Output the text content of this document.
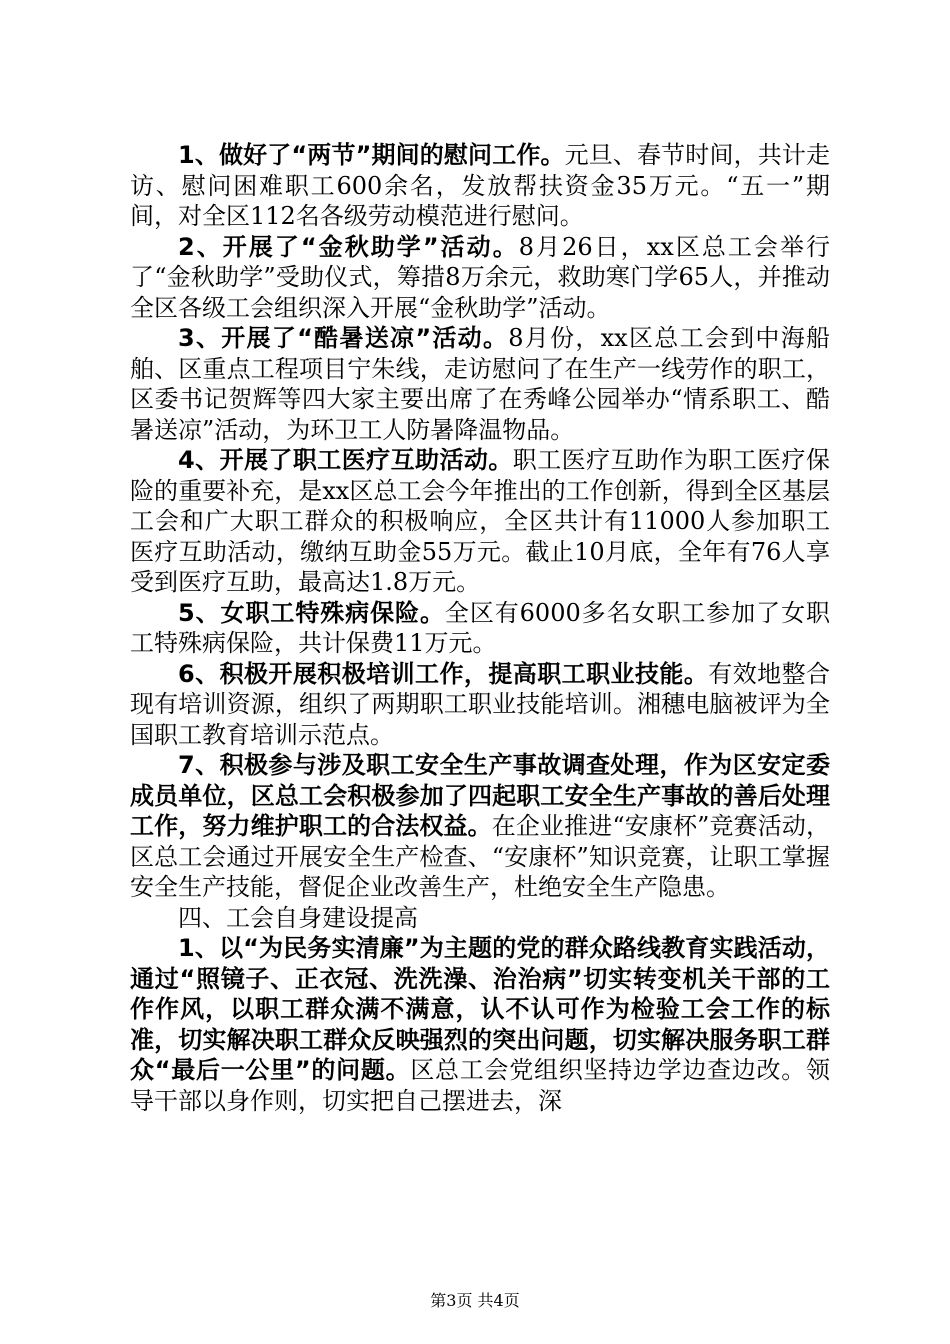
1、做好了“两节”期间的慰问工作。元旦、春节时间，共计走访、慰问困难职工600余名，发放帮扶资金35万元。“五一”期间，对全区112名各级劳动模范进行慰问。

2、开展了“金秋助学”活动。8月26日，xx区总工会举行了“金秋助学”受助仪式，筹措8万余元，救助寒门学65人，并推动全区各级工会组织深入开展“金秋助学”活动。

3、开展了“酷暑送凉”活动。8月份，xx区总工会到中海船舶、区重点工程项目宁朱线，走访慰问了在生产一线劳作的职工，区委书记贺辉等四大家主要出席了在秀峰公园举办“情系职工、酷暑送凉”活动，为环卫工人防暑降温物品。

4、开展了职工医疗互助活动。职工医疗互助作为职工医疗保险的重要补充，是xx区总工会今年推出的工作创新，得到全区基层工会和广大职工群众的积极响应，全区共计有11000人参加职工医疗互助活动，缴纳互助金55万元。截止10月底，全年有76人享受到医疗互助，最高达1.8万元。

5、女职工特殊病保险。全区有6000多名女职工参加了女职工特殊病保险，共计保费11万元。

6、积极开展积极培训工作，提高职工职业技能。有效地整合现有培训资源，组织了两期职工职业技能培训。湘穗电脑被评为全国职工教育培训示范点。

7、积极参与涉及职工安全生产事故调查处理，作为区安定委成员单位，区总工会积极参加了四起职工安全生产事故的善后处理工作，努力维护职工的合法权益。在企业推进“安康杯”竞赛活动，区总工会通过开展安全生产检查、“安康杯”知识竞赛，让职工掌握安全生产技能，督促企业改善生产，杜绝安全生产隐患。

四、工会自身建设提高

1、以“为民务实清廉”为主题的党的群众路线教育实践活动，通过“照镜子、正衣冠、洗洗澡、治治病”切实转变机关干部的工作作风，以职工群众满不满意，认不认可作为检验工会工作的标准，切实解决职工群众反映强烈的突出问题，切实解决服务职工群众“最后一公里”的问题。区总工会党组织坚持边学边查边改。领导干部以身作则，切实把自己摆进去，深

第3页 共4页
